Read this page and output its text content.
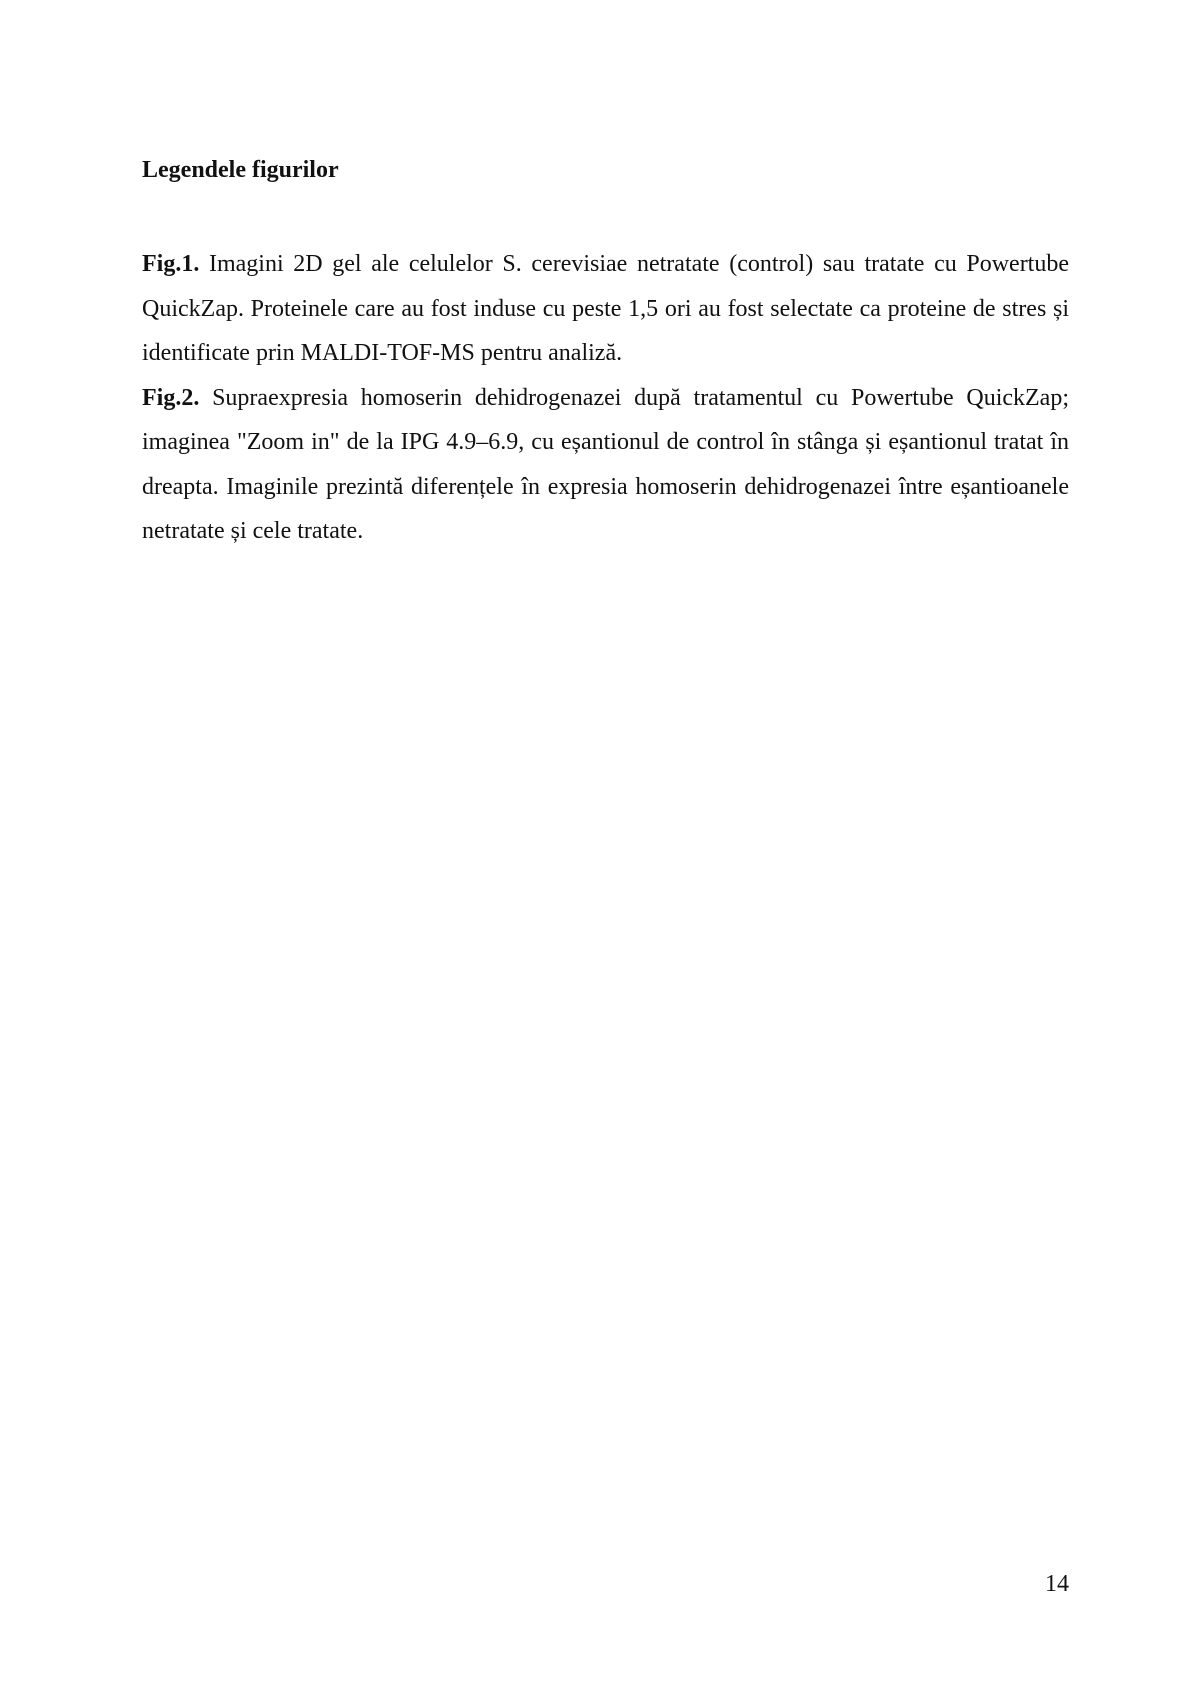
Legendele figurilor

Fig.1. Imagini 2D gel ale celulelor S. cerevisiae netratate (control) sau tratate cu Powertube QuickZap. Proteinele care au fost induse cu peste 1,5 ori au fost selectate ca proteine de stres și identificate prin MALDI-TOF-MS pentru analiză.

Fig.2. Supraexpresia homoserin dehidrogenazei după tratamentul cu Powertube QuickZap; imaginea "Zoom in" de la IPG 4.9–6.9, cu eșantionul de control în stânga și eșantionul tratat în dreapta. Imaginile prezintă diferențele în expresia homoserin dehidrogenazei între eșantioanele netratate și cele tratate.

14
